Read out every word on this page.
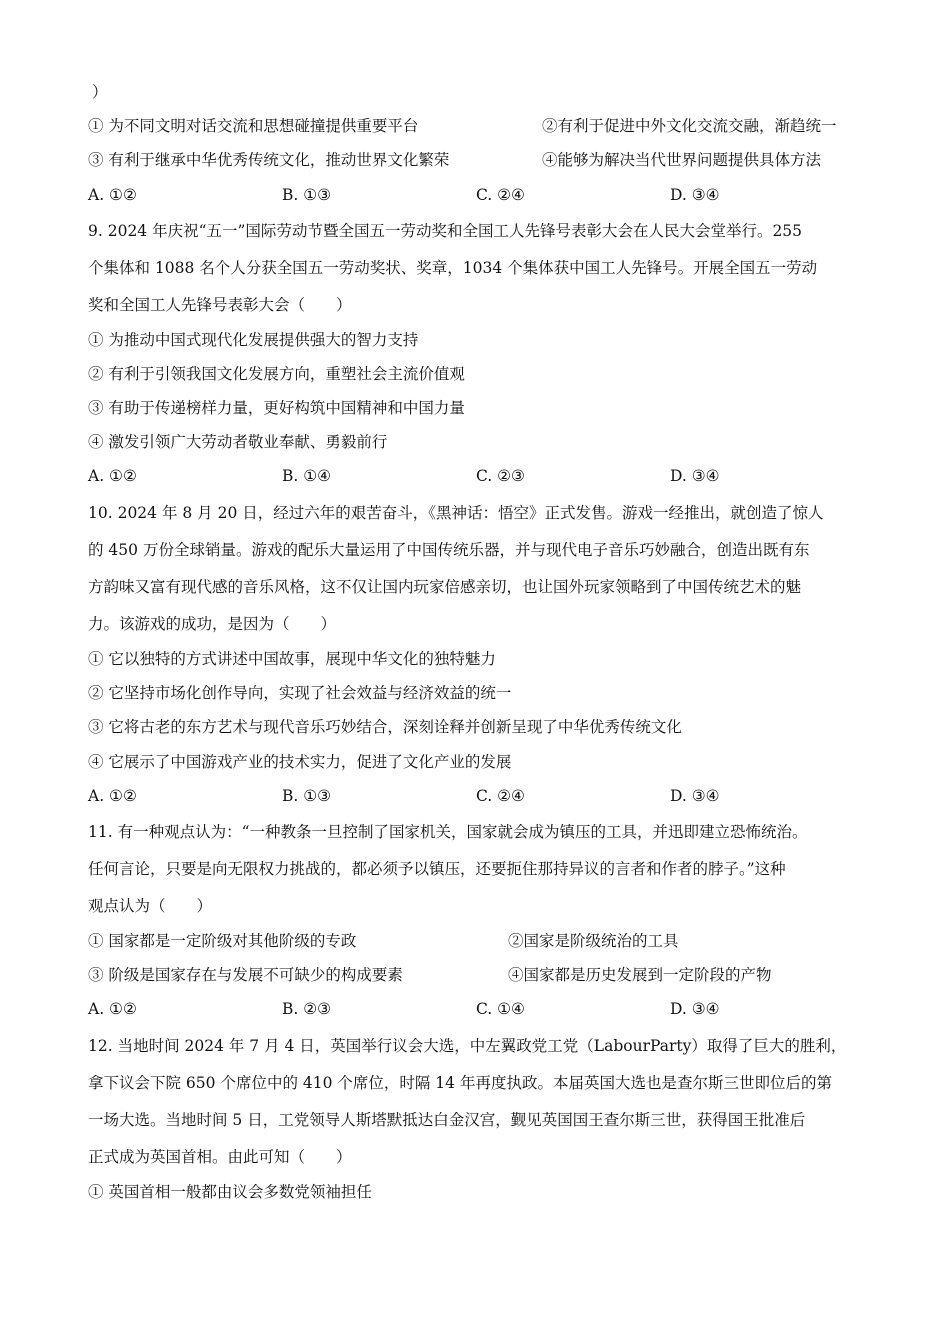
）
① 为不同文明对话交流和思想碰撞提供重要平台	②有利于促进中外文化交流交融，渐趋统一
③ 有利于继承中华优秀传统文化，推动世界文化繁荣	④能够为解决当代世界问题提供具体方法
A. ①②	B. ①③	C. ②④	D. ③④
9. 2024 年庆祝“五一”国际劳动节暨全国五一劳动奖和全国工人先锋号表彰大会在人民大会堂举行。255
个集体和 1088 名个人分获全国五一劳动奖状、奖章，1034 个集体获中国工人先锋号。开展全国五一劳动
奖和全国工人先锋号表彰大会（　　）
① 为推动中国式现代化发展提供强大的智力支持
② 有利于引领我国文化发展方向，重塑社会主流价值观
③ 有助于传递榜样力量，更好构筑中国精神和中国力量
④ 激发引领广大劳动者敬业奉献、勇毅前行
A. ①②	B. ①④	C. ②③	D. ③④
10. 2024 年 8 月 20 日，经过六年的艰苦奋斗，《黑神话：悟空》正式发售。游戏一经推出，就创造了惊人
的 450 万份全球销量。游戏的配乐大量运用了中国传统乐器，并与现代电子音乐巧妙融合，创造出既有东
方韵味又富有现代感的音乐风格，这不仅让国内玩家倍感亲切，也让国外玩家领略到了中国传统艺术的魅
力。该游戏的成功，是因为（　　）
① 它以独特的方式讲述中国故事，展现中华文化的独特魅力
② 它坚持市场化创作导向，实现了社会效益与经济效益的统一
③ 它将古老的东方艺术与现代音乐巧妙结合，深刻诠释并创新呈现了中华优秀传统文化
④ 它展示了中国游戏产业的技术实力，促进了文化产业的发展
A. ①②	B. ①③	C. ②④	D. ③④
11. 有一种观点认为：“一种教条一旦控制了国家机关，国家就会成为镇压的工具，并迅即建立恐怖统治。
任何言论，只要是向无限权力挑战的，都必须予以镇压，还要扼住那持异议的言者和作者的脖子。”这种
观点认为（　　）
① 国家都是一定阶级对其他阶级的专政	②国家是阶级统治的工具
③ 阶级是国家存在与发展不可缺少的构成要素	④国家都是历史发展到一定阶段的产物
A. ①②	B. ②③	C. ①④	D. ③④
12. 当地时间 2024 年 7 月 4 日，英国举行议会大选，中左翼政党工党（LabourParty）取得了巨大的胜利，
拿下议会下院 650 个席位中的 410 个席位，时隔 14 年再度执政。本届英国大选也是查尔斯三世即位后的第
一场大选。当地时间 5 日，工党领导人斯塔默抵达白金汉宫，觐见英国国王查尔斯三世，获得国王批准后
正式成为英国首相。由此可知（　　）
① 英国首相一般都由议会多数党领袖担任
